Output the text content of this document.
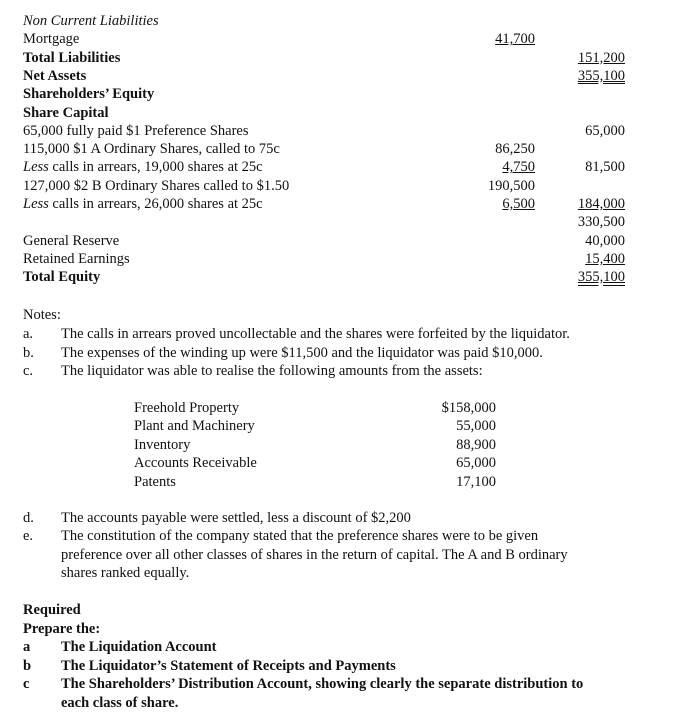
Non Current Liabilities
Mortgage	41,700
Total Liabilities	151,200
Net Assets	355,100
Shareholders’ Equity
Share Capital
65,000 fully paid $1 Preference Shares	65,000
115,000 $1 A Ordinary Shares, called to 75c	86,250
Less calls in arrears, 19,000 shares at 25c	4,750	81,500
127,000 $2 B Ordinary Shares called to $1.50	190,500
Less calls in arrears, 26,000 shares at 25c	6,500	184,000
330,500
General Reserve	40,000
Retained Earnings	15,400
Total Equity	355,100
Notes:
a. The calls in arrears proved uncollectable and the shares were forfeited by the liquidator.
b. The expenses of the winding up were $11,500 and the liquidator was paid $10,000.
c. The liquidator was able to realise the following amounts from the assets:
Freehold Property	$158,000
Plant and Machinery	55,000
Inventory	88,900
Accounts Receivable	65,000
Patents	17,100
d. The accounts payable were settled, less a discount of $2,200
e. The constitution of the company stated that the preference shares were to be given
preference over all other classes of shares in the return of capital. The A and B ordinary
shares ranked equally.
Required
Prepare the:
a The Liquidation Account
b The Liquidator’s Statement of Receipts and Payments
c The Shareholders’ Distribution Account, showing clearly the separate distribution to
each class of share.
